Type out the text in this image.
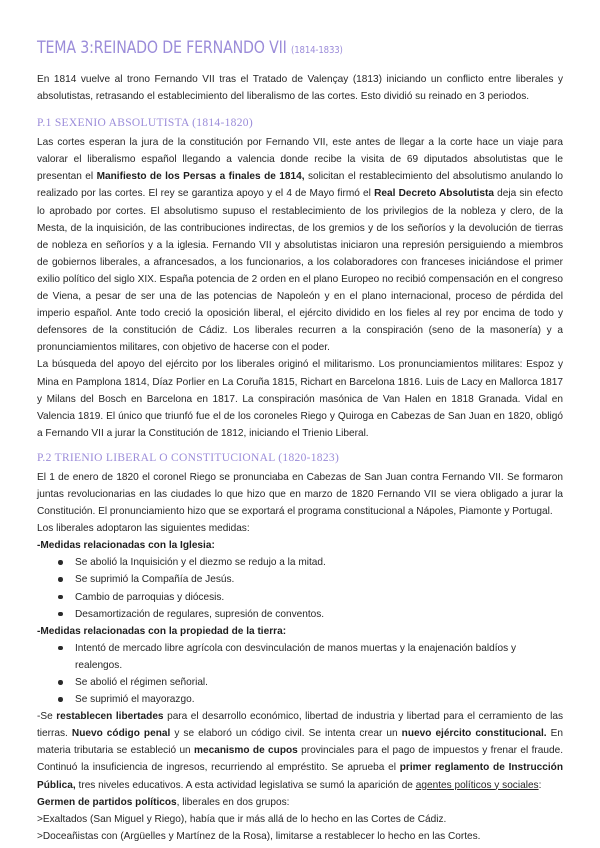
TEMA 3:REINADO DE FERNANDO VII (1814-1833)

En 1814 vuelve al trono Fernando VII tras el Tratado de Valençay (1813) iniciando un conflicto entre liberales y absolutistas, retrasando el establecimiento del liberalismo de las cortes. Esto dividió su reinado en 3 periodos.

P.1 SEXENIO ABSOLUTISTA (1814-1820)

Las cortes esperan la jura de la constitución por Fernando VII, este antes de llegar a la corte hace un viaje para valorar el liberalismo español llegando a valencia donde recibe la visita de 69 diputados absolutistas que le presentan el Manifiesto de los Persas a finales de 1814, solicitan el restablecimiento del absolutismo anulando lo realizado por las cortes. El rey se garantiza apoyo y el 4 de Mayo firmó el Real Decreto Absolutista deja sin efecto lo aprobado por cortes. El absolutismo supuso el restablecimiento de los privilegios de la nobleza y clero, de la Mesta, de la inquisición, de las contribuciones indirectas, de los gremios y de los señoríos y la devolución de tierras de nobleza en señoríos y a la iglesia. Fernando VII y absolutistas iniciaron una represión persiguiendo a miembros de gobiernos liberales, a afrancesados, a los funcionarios, a los colaboradores con franceses iniciándose el primer exilio político del siglo XIX. España potencia de 2 orden en el plano Europeo no recibió compensación en el congreso de Viena, a pesar de ser una de las potencias de Napoleón y en el plano internacional, proceso de pérdida del imperio español. Ante todo creció la oposición liberal, el ejército dividido en los fieles al rey por encima de todo y defensores de la constitución de Cádiz. Los liberales recurren a la conspiración (seno de la masonería) y a pronunciamientos militares, con objetivo de hacerse con el poder.

La búsqueda del apoyo del ejército por los liberales originó el militarismo. Los pronunciamientos militares: Espoz y Mina en Pamplona 1814, Díaz Porlier en La Coruña 1815, Richart en Barcelona 1816. Luis de Lacy en Mallorca 1817 y Milans del Bosch en Barcelona en 1817. La conspiración masónica de Van Halen en 1818 Granada. Vidal en Valencia 1819. El único que triunfó fue el de los coroneles Riego y Quiroga en Cabezas de San Juan en 1820, obligó a Fernando VII a jurar la Constitución de 1812, iniciando el Trienio Liberal.

P.2 TRIENIO LIBERAL O CONSTITUCIONAL (1820-1823)

El 1 de enero de 1820 el coronel Riego se pronunciaba en Cabezas de San Juan contra Fernando VII. Se formaron juntas revolucionarias en las ciudades lo que hizo que en marzo de 1820 Fernando VII se viera obligado a jurar la Constitución. El pronunciamiento hizo que se exportará el programa constitucional a Nápoles, Piamonte y Portugal.

Los liberales adoptaron las siguientes medidas:

-Medidas relacionadas con la Iglesia:
Se abolió la Inquisición y el diezmo se redujo a la mitad.
Se suprimió la Compañía de Jesús.
Cambio de parroquias y diócesis.
Desamortización de regulares, supresión de conventos.
-Medidas relacionadas con la propiedad de la tierra:
Intentó de mercado libre agrícola con desvinculación de manos muertas y la enajenación baldíos y realengos.
Se abolió el régimen señorial.
Se suprimió el mayorazgo.

-Se restablecen libertades para el desarrollo económico, libertad de industria y libertad para el cerramiento de las tierras. Nuevo código penal y se elaboró un código civil. Se intenta crear un nuevo ejército constitucional. En materia tributaria se estableció un mecanismo de cupos provinciales para el pago de impuestos y frenar el fraude. Continuó la insuficiencia de ingresos, recurriendo al empréstito. Se aprueba el primer reglamento de Instrucción Pública, tres niveles educativos. A esta actividad legislativa se sumó la aparición de agentes políticos y sociales:

Germen de partidos políticos, liberales en dos grupos:

>Exaltados (San Miguel y Riego), había que ir más allá de lo hecho en las Cortes de Cádiz.
>Doceañistas con (Argüelles y Martínez de la Rosa), limitarse a restablecer lo hecho en las Cortes.
